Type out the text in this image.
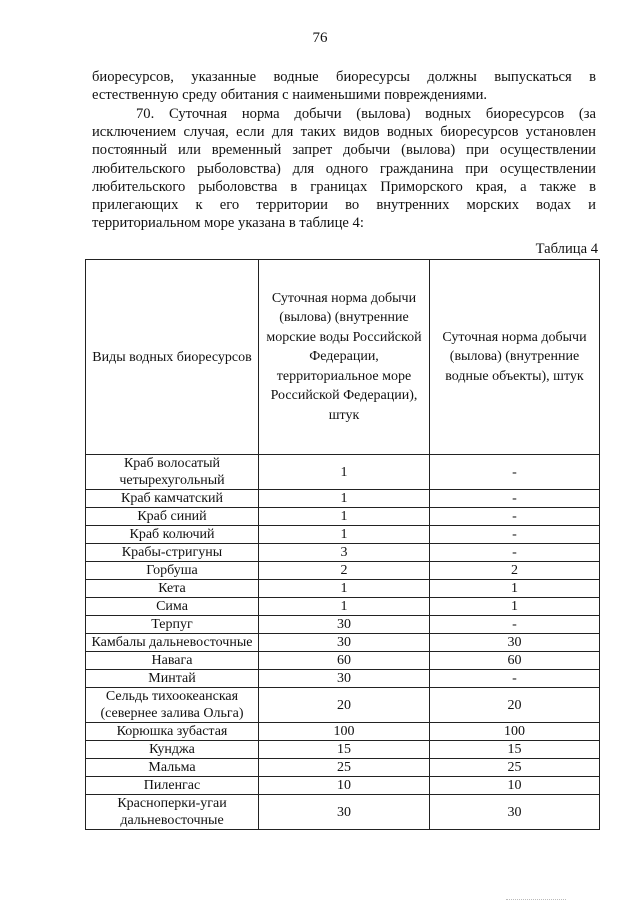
76
биоресурсов, указанные водные биоресурсы должны выпускаться в естественную среду обитания с наименьшими повреждениями.
70. Суточная норма добычи (вылова) водных биоресурсов (за исключением случая, если для таких видов водных биоресурсов установлен постоянный или временный запрет добычи (вылова) при осуществлении любительского рыболовства) для одного гражданина при осуществлении любительского рыболовства в границах Приморского края, а также в прилегающих к его территории во внутренних морских водах и территориальном море указана в таблице 4:
Таблица 4
Виды водных биоресурсов	Суточная норма добычи (вылова) (внутренние морские воды Российской Федерации, территориальное море Российской Федерации), штук	Суточная норма добычи (вылова) (внутренние водные объекты), штук
Краб волосатый четырехугольный	1	-
Краб камчатский	1	-
Краб синий	1	-
Краб колючий	1	-
Крабы-стригуны	3	-
Горбуша	2	2
Кета	1	1
Сима	1	1
Терпуг	30	-
Камбалы дальневосточные	30	30
Навага	60	60
Минтай	30	-
Сельдь тихоокеанская (севернее залива Ольга)	20	20
Корюшка зубастая	100	100
Кунджа	15	15
Мальма	25	25
Пиленгас	10	10
Красноперки-угаи дальневосточные	30	30
